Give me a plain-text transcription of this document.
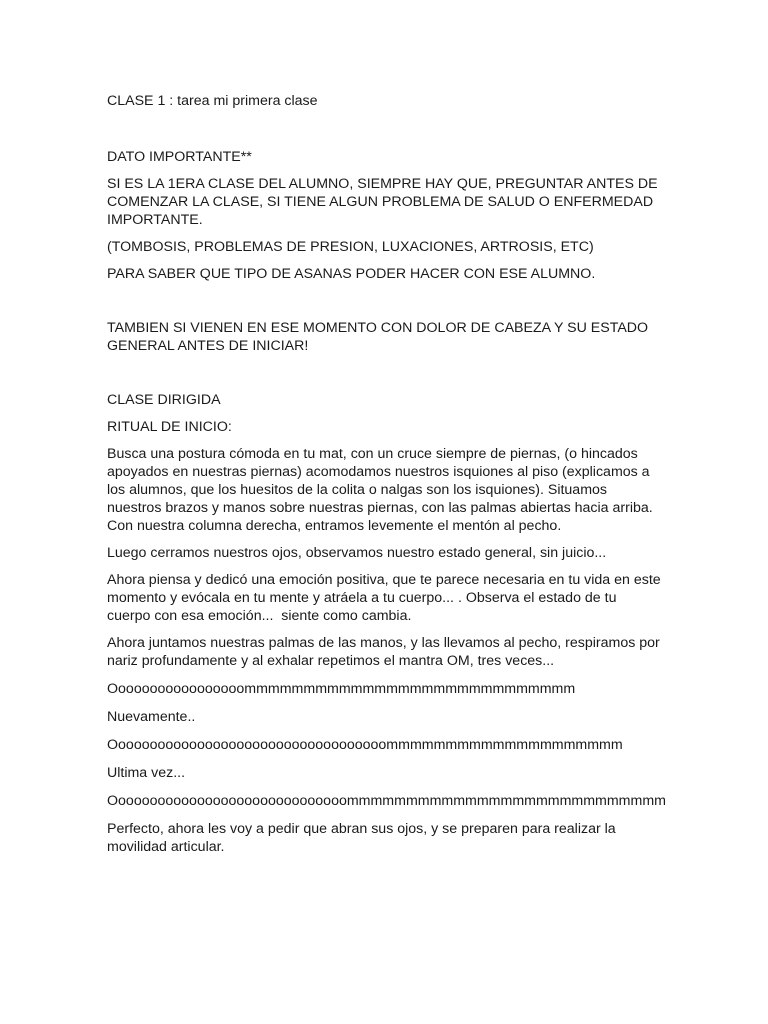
CLASE 1 : tarea mi primera clase

DATO IMPORTANTE**

SI ES LA 1ERA CLASE DEL ALUMNO, SIEMPRE HAY QUE, PREGUNTAR ANTES DE COMENZAR LA CLASE, SI TIENE ALGUN PROBLEMA DE SALUD O ENFERMEDAD IMPORTANTE.

(TOMBOSIS, PROBLEMAS DE PRESION, LUXACIONES, ARTROSIS, ETC)

PARA SABER QUE TIPO DE ASANAS PODER HACER CON ESE ALUMNO.

TAMBIEN SI VIENEN EN ESE MOMENTO CON DOLOR DE CABEZA Y SU ESTADO GENERAL ANTES DE INICIAR!

CLASE DIRIGIDA

RITUAL DE INICIO:

Busca una postura cómoda en tu mat, con un cruce siempre de piernas, (o hincados apoyados en nuestras piernas) acomodamos nuestros isquiones al piso (explicamos a los alumnos, que los huesitos de la colita o nalgas son los isquiones). Situamos nuestros brazos y manos sobre nuestras piernas, con las palmas abiertas hacia arriba. Con nuestra columna derecha, entramos levemente el mentón al pecho.

Luego cerramos nuestros ojos, observamos nuestro estado general, sin juicio...

Ahora piensa y dedicó una emoción positiva, que te parece necesaria en tu vida en este momento y evócala en tu mente y atráela a tu cuerpo... . Observa el estado de tu cuerpo con esa emoción...  siente como cambia.

Ahora juntamos nuestras palmas de las manos, y las llevamos al pecho, respiramos por nariz profundamente y al exhalar repetimos el mantra OM, tres veces...

Ooooooooooooooooommmmmmmmmmmmmmmmmmmmmmmmmmmm

Nuevamente..

Ooooooooooooooooooooooooooooooooooommmmmmmmmmmmmmmmmmmm

Ultima vez...

Oooooooooooooooooooooooooooooommmmmmmmmmmmmmmmmmmmmmmmmmm

Perfecto, ahora les voy a pedir que abran sus ojos, y se preparen para realizar la movilidad articular.
